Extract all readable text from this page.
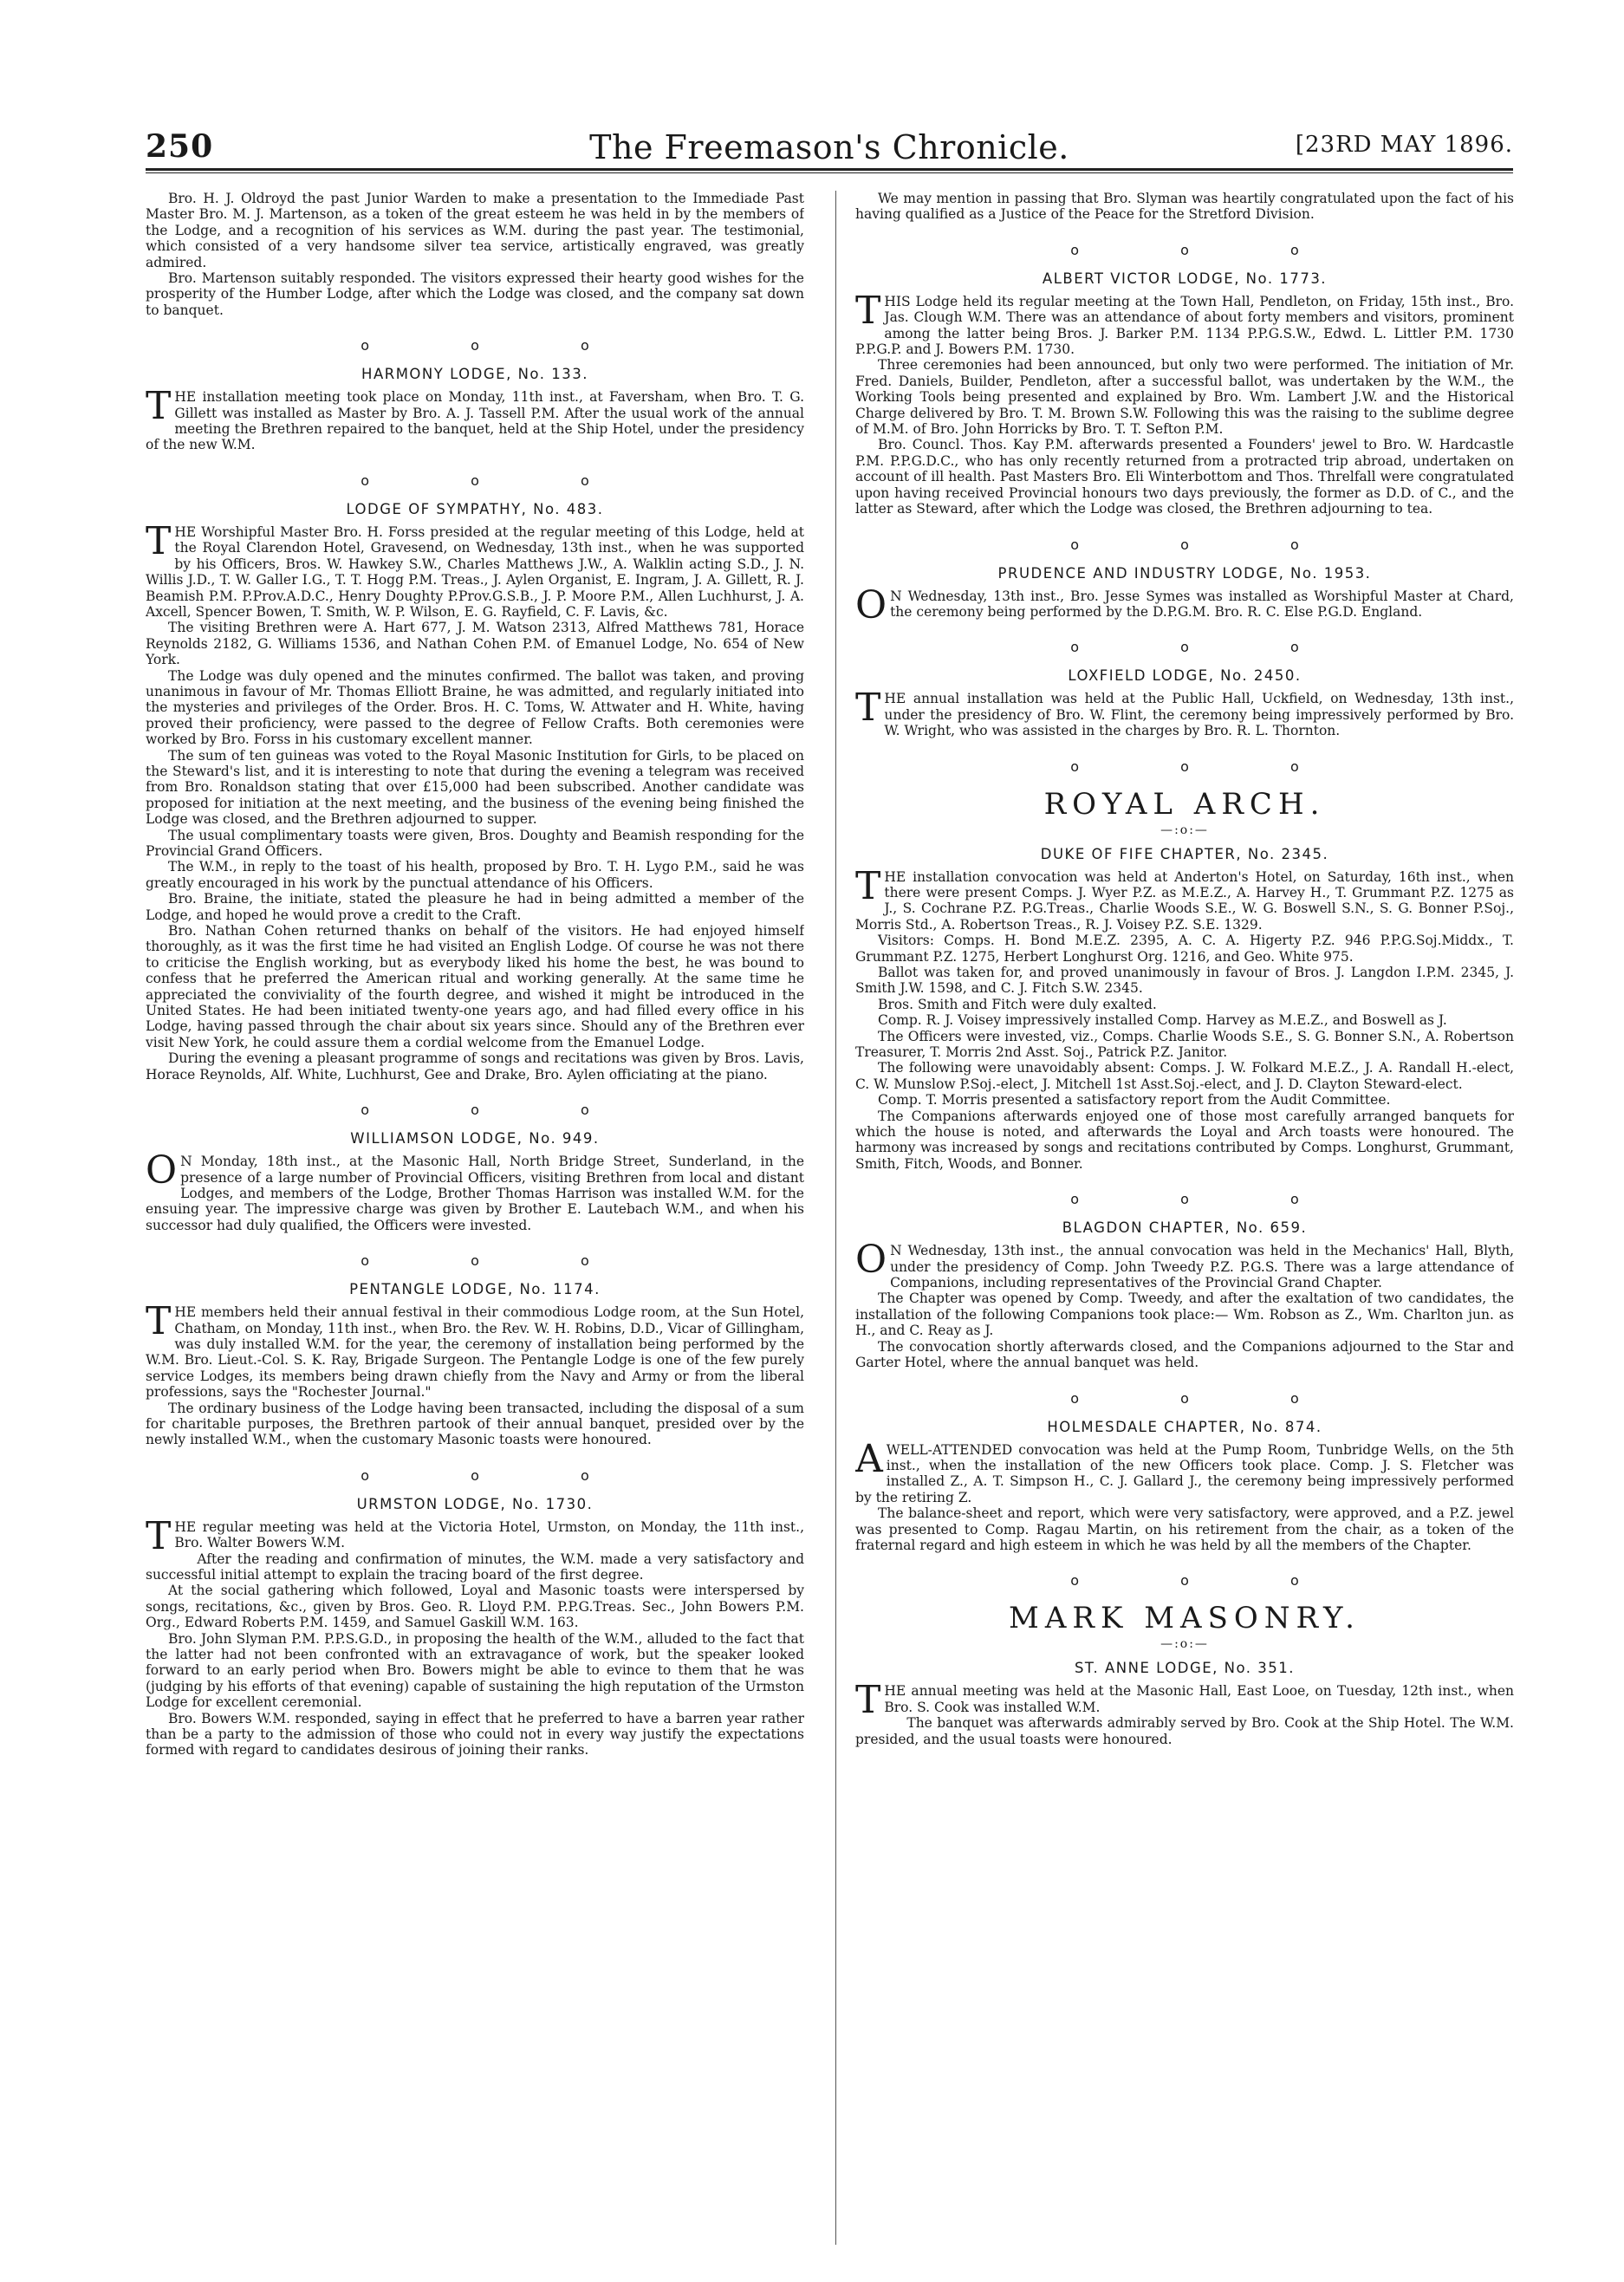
250	The Freemason's Chronicle.	[23RD MAY 1896.

Bro. H. J. Oldroyd the past Junior Warden to make a presentation to the Immediade Past Master Bro. M. J. Martenson, as a token of the great esteem he was held in by the members of the Lodge, and a recognition of his services as W.M. during the past year. The testimonial, which consisted of a very handsome silver tea service, artistically engraved, was greatly admired.

Bro. Martenson suitably responded. The visitors expressed their hearty good wishes for the prosperity of the Humber Lodge, after which the Lodge was closed, and the company sat down to banquet.

o o o
HARMONY LODGE, No. 133.

THE installation meeting took place on Monday, 11th inst., at Faversham, when Bro. T. G. Gillett was installed as Master by Bro. A. J. Tassell P.M. After the usual work of the annual meeting the Brethren repaired to the banquet, held at the Ship Hotel, under the presidency of the new W.M.

o o o
LODGE OF SYMPATHY, No. 483.

THE Worshipful Master Bro. H. Forss presided at the regular meeting of this Lodge, held at the Royal Clarendon Hotel, Gravesend, on Wednesday, 13th inst., when he was supported by his Officers, Bros. W. Hawkey S.W., Charles Matthews J.W., A. Walklin acting S.D., J. N. Willis J.D., T. W. Galler I.G., T. T. Hogg P.M. Treas., J. Aylen Organist, E. Ingram, J. A. Gillett, R. J. Beamish P.M. P.Prov.A.D.C., Henry Doughty P.Prov.G.S.B., J. P. Moore P.M., Allen Luchhurst, J. A. Axcell, Spencer Bowen, T. Smith, W. P. Wilson, E. G. Rayfield, C. F. Lavis, &c.

The visiting Brethren were A. Hart 677, J. M. Watson 2313, Alfred Matthews 781, Horace Reynolds 2182, G. Williams 1536, and Nathan Cohen P.M. of Emanuel Lodge, No. 654 of New York.

The Lodge was duly opened and the minutes confirmed. The ballot was taken, and proving unanimous in favour of Mr. Thomas Elliott Braine, he was admitted, and regularly initiated into the mysteries and privileges of the Order. Bros. H. C. Toms, W. Attwater and H. White, having proved their proficiency, were passed to the degree of Fellow Crafts. Both ceremonies were worked by Bro. Forss in his customary excellent manner.

The sum of ten guineas was voted to the Royal Masonic Institution for Girls, to be placed on the Steward's list, and it is interesting to note that during the evening a telegram was received from Bro. Ronaldson stating that over £15,000 had been subscribed. Another candidate was proposed for initiation at the next meeting, and the business of the evening being finished the Lodge was closed, and the Brethren adjourned to supper.

The usual complimentary toasts were given, Bros. Doughty and Beamish responding for the Provincial Grand Officers.

The W.M., in reply to the toast of his health, proposed by Bro. T. H. Lygo P.M., said he was greatly encouraged in his work by the punctual attendance of his Officers.

Bro. Braine, the initiate, stated the pleasure he had in being admitted a member of the Lodge, and hoped he would prove a credit to the Craft.

Bro. Nathan Cohen returned thanks on behalf of the visitors. He had enjoyed himself thoroughly, as it was the first time he had visited an English Lodge. Of course he was not there to criticise the English working, but as everybody liked his home the best, he was bound to confess that he preferred the American ritual and working generally. At the same time he appreciated the conviviality of the fourth degree, and wished it might be introduced in the United States. He had been initiated twenty-one years ago, and had filled every office in his Lodge, having passed through the chair about six years since. Should any of the Brethren ever visit New York, he could assure them a cordial welcome from the Emanuel Lodge.

During the evening a pleasant programme of songs and recitations was given by Bros. Lavis, Horace Reynolds, Alf. White, Luchhurst, Gee and Drake, Bro. Aylen officiating at the piano.

o o o
WILLIAMSON LODGE, No. 949.

O N Monday, 18th inst., at the Masonic Hall, North Bridge Street, Sunderland, in the presence of a large number of Provincial Officers, visiting Brethren from local and distant Lodges, and members of the Lodge, Brother Thomas Harrison was installed W.M. for the ensuing year. The impressive charge was given by Brother E. Lautebach W.M., and when his successor had duly qualified, the Officers were invested.

o o o
PENTANGLE LODGE, No. 1174.

THE members held their annual festival in their commodious Lodge room, at the Sun Hotel, Chatham, on Monday, 11th inst., when Bro. the Rev. W. H. Robins, D.D., Vicar of Gillingham, was duly installed W.M. for the year, the ceremony of installation being performed by the W.M. Bro. Lieut.-Col. S. K. Ray, Brigade Surgeon. The Pentangle Lodge is one of the few purely service Lodges, its members being drawn chiefly from the Navy and Army or from the liberal professions, says the "Rochester Journal."

The ordinary business of the Lodge having been transacted, including the disposal of a sum for charitable purposes, the Brethren partook of their annual banquet, presided over by the newly installed W.M., when the customary Masonic toasts were honoured.

o o o
URMSTON LODGE, No. 1730.

THE regular meeting was held at the Victoria Hotel, Urmston, on Monday, the 11th inst., Bro. Walter Bowers W.M.

After the reading and confirmation of minutes, the W.M. made a very satisfactory and successful initial attempt to explain the tracing board of the first degree.

At the social gathering which followed, Loyal and Masonic toasts were interspersed by songs, recitations, &c., given by Bros. Geo. R. Lloyd P.M. P.P.G.Treas. Sec., John Bowers P.M. Org., Edward Roberts P.M. 1459, and Samuel Gaskill W.M. 163.

Bro. John Slyman P.M. P.P.S.G.D., in proposing the health of the W.M., alluded to the fact that the latter had not been confronted with an extravagance of work, but the speaker looked forward to an early period when Bro. Bowers might be able to evince to them that he was (judging by his efforts of that evening) capable of sustaining the high reputation of the Urmston Lodge for excellent ceremonial.

Bro. Bowers W.M. responded, saying in effect that he preferred to have a barren year rather than be a party to the admission of those who could not in every way justify the expectations formed with regard to candidates desirous of joining their ranks.

We may mention in passing that Bro. Slyman was heartily congratulated upon the fact of his having qualified as a Justice of the Peace for the Stretford Division.

o o o
ALBERT VICTOR LODGE, No. 1773.

THIS Lodge held its regular meeting at the Town Hall, Pendleton, on Friday, 15th inst., Bro. Jas. Clough W.M. There was an attendance of about forty members and visitors, prominent among the latter being Bros. J. Barker P.M. 1134 P.P.G.S.W., Edwd. L. Littler P.M. 1730 P.P.G.P. and J. Bowers P.M. 1730.

Three ceremonies had been announced, but only two were performed. The initiation of Mr. Fred. Daniels, Builder, Pendleton, after a successful ballot, was undertaken by the W.M., the Working Tools being presented and explained by Bro. Wm. Lambert J.W. and the Historical Charge delivered by Bro. T. M. Brown S.W. Following this was the raising to the sublime degree of M.M. of Bro. John Horricks by Bro. T. T. Sefton P.M.

Bro. Councl. Thos. Kay P.M. afterwards presented a Founders' jewel to Bro. W. Hardcastle P.M. P.P.G.D.C., who has only recently returned from a protracted trip abroad, undertaken on account of ill health. Past Masters Bro. Eli Winterbottom and Thos. Threlfall were congratulated upon having received Provincial honours two days previously, the former as D.D. of C., and the latter as Steward, after which the Lodge was closed, the Brethren adjourning to tea.

o o o
PRUDENCE AND INDUSTRY LODGE, No. 1953.

O N Wednesday, 13th inst., Bro. Jesse Symes was installed as Worshipful Master at Chard, the ceremony being performed by the D.P.G.M. Bro. R. C. Else P.G.D. England.

o o o
LOXFIELD LODGE, No. 2450.

THE annual installation was held at the Public Hall, Uckfield, on Wednesday, 13th inst., under the presidency of Bro. W. Flint, the ceremony being impressively performed by Bro. W. Wright, who was assisted in the charges by Bro. R. L. Thornton.

o o o
ROYAL ARCH.
—:o:—
DUKE OF FIFE CHAPTER, No. 2345.

THE installation convocation was held at Anderton's Hotel, on Saturday, 16th inst., when there were present Comps. J. Wyer P.Z. as M.E.Z., A. Harvey H., T. Grummant P.Z. 1275 as J., S. Cochrane P.Z. P.G.Treas., Charlie Woods S.E., W. G. Boswell S.N., S. G. Bonner P.Soj., Morris Std., A. Robertson Treas., R. J. Voisey P.Z. S.E. 1329.

Visitors: Comps. H. Bond M.E.Z. 2395, A. C. A. Higerty P.Z. 946 P.P.G.Soj.Middx., T. Grummant P.Z. 1275, Herbert Longhurst Org. 1216, and Geo. White 975.

Ballot was taken for, and proved unanimously in favour of Bros. J. Langdon I.P.M. 2345, J. Smith J.W. 1598, and C. J. Fitch S.W. 2345.

Bros. Smith and Fitch were duly exalted.

Comp. R. J. Voisey impressively installed Comp. Harvey as M.E.Z., and Boswell as J.

The Officers were invested, viz., Comps. Charlie Woods S.E., S. G. Bonner S.N., A. Robertson Treasurer, T. Morris 2nd Asst. Soj., Patrick P.Z. Janitor.

The following were unavoidably absent: Comps. J. W. Folkard M.E.Z., J. A. Randall H.-elect, C. W. Munslow P.Soj.-elect, J. Mitchell 1st Asst.Soj.-elect, and J. D. Clayton Steward-elect.

Comp. T. Morris presented a satisfactory report from the Audit Committee.

The Companions afterwards enjoyed one of those most carefully arranged banquets for which the house is noted, and afterwards the Loyal and Arch toasts were honoured. The harmony was increased by songs and recitations contributed by Comps. Longhurst, Grummant, Smith, Fitch, Woods, and Bonner.

o o o
BLAGDON CHAPTER, No. 659.

O N Wednesday, 13th inst., the annual convocation was held in the Mechanics' Hall, Blyth, under the presidency of Comp. John Tweedy P.Z. P.G.S. There was a large attendance of Companions, including representatives of the Provincial Grand Chapter.

The Chapter was opened by Comp. Tweedy, and after the exaltation of two candidates, the installation of the following Companions took place:— Wm. Robson as Z., Wm. Charlton jun. as H., and C. Reay as J.

The convocation shortly afterwards closed, and the Companions adjourned to the Star and Garter Hotel, where the annual banquet was held.

o o o
HOLMESDALE CHAPTER, No. 874.

A WELL-ATTENDED convocation was held at the Pump Room, Tunbridge Wells, on the 5th inst., when the installation of the new Officers took place. Comp. J. S. Fletcher was installed Z., A. T. Simpson H., C. J. Gallard J., the ceremony being impressively performed by the retiring Z.

The balance-sheet and report, which were very satisfactory, were approved, and a P.Z. jewel was presented to Comp. Ragau Martin, on his retirement from the chair, as a token of the fraternal regard and high esteem in which he was held by all the members of the Chapter.

o o o
MARK MASONRY.
—:o:—
ST. ANNE LODGE, No. 351.

THE annual meeting was held at the Masonic Hall, East Looe, on Tuesday, 12th inst., when Bro. S. Cook was installed W.M.

The banquet was afterwards admirably served by Bro. Cook at the Ship Hotel. The W.M. presided, and the usual toasts were honoured.
